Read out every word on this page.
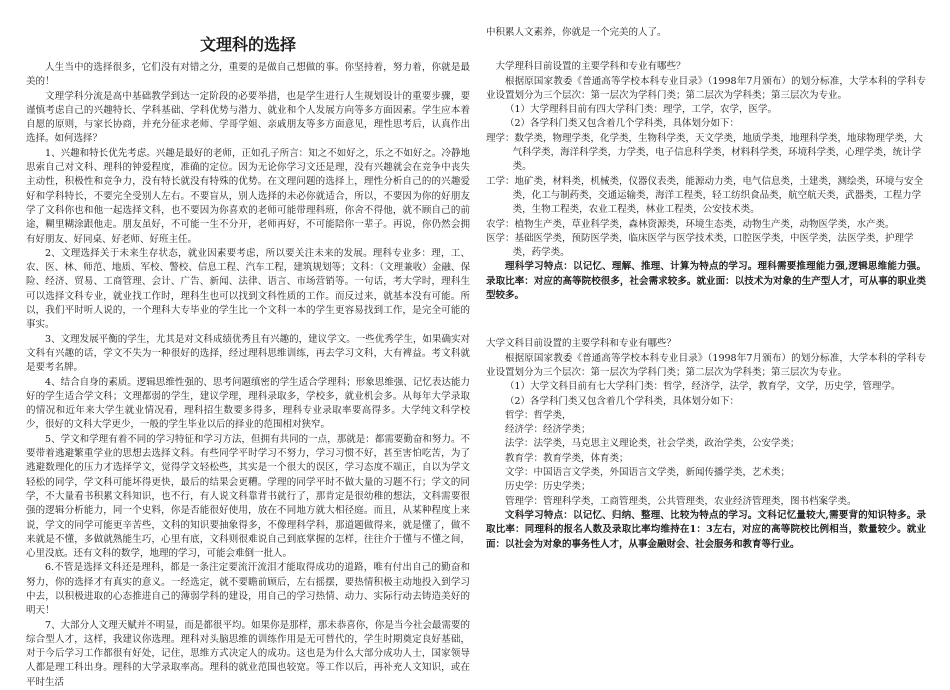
文理科的选择

人生当中的选择很多，它们没有对错之分，重要的是做自己想做的事。你坚持着，努力着，你就是最美的！

文理学科分流是高中基础教学到达一定阶段的必要举措，也是学生进行人生规划设计的重要步骤，要谨慎考虑自己的兴趣特长、学科基础、学科优势与潜力、就业和个人发展方向等多方面因素。学生应本着自愿的原则，与家长协商，并充分征求老师、学哥学姐、亲戚朋友等多方面意见，理性思考后，认真作出选择。如何选择？

1、兴趣和特长优先考虑。兴趣是最好的老师，正如孔子所言：知之不如好之，乐之不如好之。冷静地思索自己对文科、理科的钟爱程度，准确的定位。因为无论你学习文还是理，没有兴趣就会在竞争中丧失主动性，积极性和竞争力，没有特长就没有特殊的优势。在文理问题的选择上，理性分析自己的的兴趣爱好和学科特长，不要完全受别人左右。不要盲从，别人选择的未必你就适合，所以，不要因为你的好朋友学了文科你也和他一起选择文科，也不要因为你喜欢的老师可能带理科班，你舍不得他，就不顾自己的前途，糊里糊涂跟他走。朋友虽好，不可能一生不分开，老师再好，不可能陪你一辈子。再说，你仍然会拥有好朋友、好同桌、好老师、好班主任。

2、文理选择关于未来生存状态，就业因素要考虑，所以要关注未来的发展。理科专业多：理，工、农、医、林、师范、地质、军校、警校、信息工程、汽车工程，建筑规划等；文科：（文理兼收）金融、保险、经济、贸易、工商管理、会计、广告、新闻、法律、语言、市场营销等。一句话，考大学时，理科生可以选择文科专业，就业找工作时，理科生也可以找到文科性质的工作。而反过来，就基本没有可能。所以，我们平时听人说的，一个理科大专毕业的学生比一个文科一本的学生更容易找到工作，是完全可能的事实。

3、文理发展平衡的学生，尤其是对文科成绩优秀且有兴趣的，建议学文。一些优秀学生，如果确实对文科有兴趣的话，学文不失为一种很好的选择，经过理科思维训练，再去学习文科，大有裨益。考文科就是要考名牌。

4、结合自身的素质。逻辑思维性强的、思考问题缜密的学生适合学理科；形象思维强、记忆表达能力好的学生适合学文科；文理都弱的学生，建议学理，理科录取多，学校多，就业机会多。从每年大学录取的情况和近年来大学生就业情况看，理科招生数要多得多，理科专业录取率要高得多。大学纯文科学校少，很好的文科大学更少，一般的学生毕业以后的择业的范围相对狭窄。

5、学文和学理有着不同的学习特征和学习方法，但拥有共同的一点，那就是：都需要勤奋和努力。不要带着逃避繁重学业的思想去选择文科。有些同学平时学习不努力，学习习惯不好，甚至害怕吃苦，为了逃避数理化的压力才选择学文，觉得学文轻松些，其实是一个很大的误区，学习态度不端正，自以为学文轻松的同学，学文科可能坏得更快，最后的结果会更糟。学理的同学平时不做大量的习题不行；学文的同学，不大量看书积累文科知识，也不行，有人说文科靠背书就行了，那肯定是很幼稚的想法，文科需要很强的逻辑分析能力，同一个史料，你是否能很好使用，放在不同地方就大相径庭。而且，从某种程度上来说，学文的同学可能更辛苦些，文科的知识要抽象得多，不像理科学科，那道题做得来，就是懂了，做不来就是不懂，多做就熟能生巧，心里有底，文科则很难说自己到底掌握的怎样，往往介于懂与不懂之间，心里没底。还有文科的数学，地理的学习，可能会难倒一批人。

6.不管是选择文科还是理科，都是一条注定要流汗流泪才能取得成功的道路，唯有付出自己的勤奋和努力，你的选择才有真实的意义。一经选定，就不要瞻前顾后，左右摇摆，要热情积极主动地投入到学习中去，以积极进取的心态推进自己的薄弱学科的建设，用自己的学习热情、动力、实际行动去铸造美好的明天！

7、大部分人文理天赋并不明显，而是都很平均。如果你是那样，那未恭喜你，你是当今社会最需要的综合型人才，这样，我建议你选理。理科对头脑思维的训练作用是无可替代的，学生时期奠定良好基础，对于今后学习工作都很有好处，记住，思维方式决定人的成功。这也是为什么大部分成功人士，国家领导人都是理工科出身。理科的大学录取率高。理科的就业范围也较宽。等工作以后，再补充人文知识，或在平时生活

中积累人文素养，你就是一个完美的人了。

大学理科目前设置的主要学科和专业有哪些？

根据原国家教委《普通高等学校本科专业目录》（1998年7月颁布）的划分标准，大学本科的学科专业设置划分为三个层次：第一层次为学科门类；第二层次为学科类；第三层次为专业。

（1）大学理科目前有四大学科门类：理学，工学，农学，医学。

（2）各学科门类又包含着几个学科类，具体划分如下：

理学：数学类，物理学类，化学类，生物科学类，天文学类，地质学类，地理科学类，地球物理学类，大气科学类，海洋科学类，力学类，电子信息科学类，材料科学类，环境科学类，心理学类，统计学类。

工学：地矿类，材料类，机械类，仪器仪表类，能源动力类，电气信息类，土建类，测绘类，环境与安全类，化工与制药类，交通运输类，海洋工程类，轻工纺织食品类，航空航天类，武器类，工程力学类，生物工程类，农业工程类，林业工程类，公安技术类。

农学：植物生产类，草业科学类，森林资源类，环境生态类，动物生产类，动物医学类，水产类。

医学：基础医学类，预防医学类，临床医学与医学技术类，口腔医学类，中医学类，法医学类，护理学类，药学类。

理科学习特点：以记忆、理解、推理、计算为特点的学习。理科需要推理能力强,逻辑思维能力强。录取比率：对应的高等院校很多，社会需求较多。就业面：以技术为对象的生产型人才，可从事的职业类型较多。

大学文科目前设置的主要学科和专业有哪些？

根据原国家教委《普通高等学校本科专业目录》（1998年7月颁布）的划分标准，大学本科的学科专业设置划分为三个层次：第一层次为学科门类；第二层次为学科类；第三层次为专业。

（1）大学文科目前有七大学科门类：哲学，经济学，法学，教育学，文学，历史学，管理学。

（2）各学科门类又包含着几个学科类，具体划分如下：

哲学：哲学类，

经济学：经济学类；

法学：法学类，马克思主义理论类，社会学类，政治学类，公安学类；

教育学：教育学类，体育类；

文学：中国语言文学类，外国语言文学类，新闻传播学类，艺术类；

历史学：历史学类；

管理学：管理科学类，工商管理类，公共管理类，农业经济管理类，图书档案学类。

文科学习特点：以记忆、归纳、整理、比较为特点的学习。文科记忆量较大,需要背的知识特多。录取比率：同理科的报名人数及录取比率均维持在1：3左右，对应的高等院校比例相当，数量较少。就业面：以社会为对象的事务性人才，从事金融财会、社会服务和教育等行业。
